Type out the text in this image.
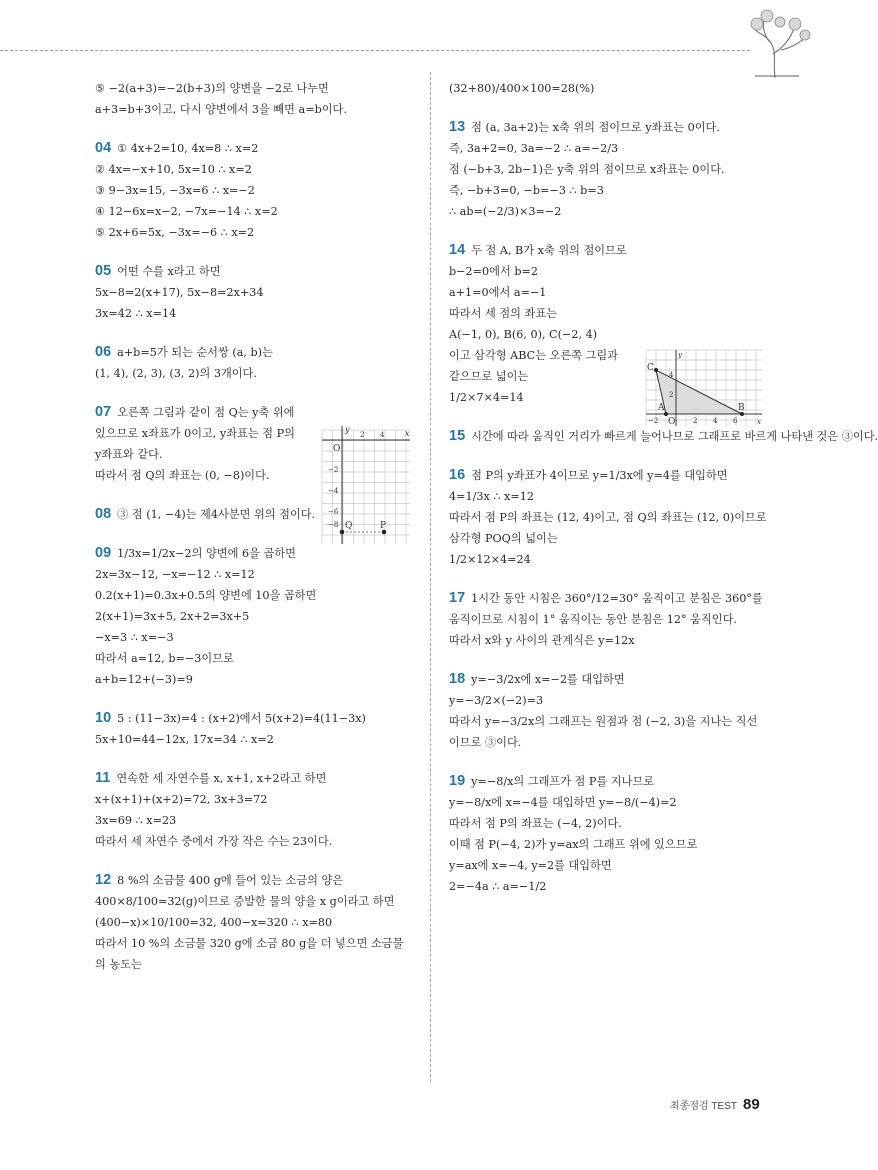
⑤ −2(a+3)=−2(b+3)의 양변을 −2로 나누면
a+3=b+3이고, 다시 양변에서 3을 빼면 a=b이다.
04 ① 4x+2=10, 4x=8 ∴ x=2
② 4x=−x+10, 5x=10 ∴ x=2
③ 9−3x=15, −3x=6 ∴ x=−2
④ 12−6x=x−2, −7x=−14 ∴ x=2
⑤ 2x+6=5x, −3x=−6 ∴ x=2
05 어떤 수를 x라고 하면
5x−8=2(x+17), 5x−8=2x+34
3x=42 ∴ x=14
06 a+b=5가 되는 순서쌍 (a, b)는
(1, 4), (2, 3), (3, 2)의 3개이다.
07 오른쪽 그림과 같이 점 Q는 y축 위에
있으므로 x좌표가 0이고, y좌표는 점 P의
y좌표와 같다.
따라서 점 Q의 좌표는 (0, −8)이다.
08 ③ 점 (1, −4)는 제4사분면 위의 점이다.
09 1/3x=1/2x−2의 양변에 6을 곱하면
2x=3x−12, −x=−12 ∴ x=12
0.2(x+1)=0.3x+0.5의 양변에 10을 곱하면
2(x+1)=3x+5, 2x+2=3x+5
−x=3 ∴ x=−3
따라서 a=12, b=−3이므로
a+b=12+(−3)=9
10 5 : (11−3x)=4 : (x+2)에서 5(x+2)=4(11−3x)
5x+10=44−12x, 17x=34 ∴ x=2
11 연속한 세 자연수를 x, x+1, x+2라고 하면
x+(x+1)+(x+2)=72, 3x+3=72
3x=69 ∴ x=23
따라서 세 자연수 중에서 가장 작은 수는 23이다.
12 8 %의 소금물 400 g에 들어 있는 소금의 양은
400×8/100=32(g)이므로 증발한 물의 양을 x g이라고 하면
(400−x)×10/100=32, 400−x=320 ∴ x=80
따라서 10 %의 소금물 320 g에 소금 80 g을 더 넣으면 소금물
의 농도는
(32+80)/400×100=28(%)
13 점 (a, 3a+2)는 x축 위의 점이므로 y좌표는 0이다.
즉, 3a+2=0, 3a=−2 ∴ a=−2/3
점 (−b+3, 2b−1)은 y축 위의 점이므로 x좌표는 0이다.
즉, −b+3=0, −b=−3 ∴ b=3
∴ ab=(−2/3)×3=−2
14 두 점 A, B가 x축 위의 점이므로
b−2=0에서 b=2
a+1=0에서 a=−1
따라서 세 점의 좌표는
A(−1, 0), B(6, 0), C(−2, 4)
이고 삼각형 ABC는 오른쪽 그림과
같으므로 넓이는
1/2×7×4=14
15 시간에 따라 움직인 거리가 빠르게 늘어나므로 그래프로 바르게 나타낸 것은 ③이다.
16 점 P의 y좌표가 4이므로 y=1/3x에 y=4를 대입하면
4=1/3x ∴ x=12
따라서 점 P의 좌표는 (12, 4)이고, 점 Q의 좌표는 (12, 0)이므로 삼각형 POQ의 넓이는
1/2×12×4=24
17 1시간 동안 시침은 360°/12=30° 움직이고 분침은 360°를 움직이므로 시침이 1° 움직이는 동안 분침은 12° 움직인다.
따라서 x와 y 사이의 관계식은 y=12x
18 y=−3/2x에 x=−2를 대입하면
y=−3/2×(−2)=3
따라서 y=−3/2x의 그래프는 원점과 점 (−2, 3)을 지나는 직선이므로 ③이다.
19 y=−8/x의 그래프가 점 P를 지나므로
y=−8/x에 x=−4를 대입하면 y=−8/(−4)=2
따라서 점 P의 좌표는 (−4, 2)이다.
이때 점 P(−4, 2)가 y=ax의 그래프 위에 있으므로
y=ax에 x=−4, y=2를 대입하면
2=−4a ∴ a=−1/2
x
y
O
2 4
−2
−4
−6
−8 Q	P
x
y
O
−2	2 4 6
2
4
C
A	B
최종점검 TEST 89
